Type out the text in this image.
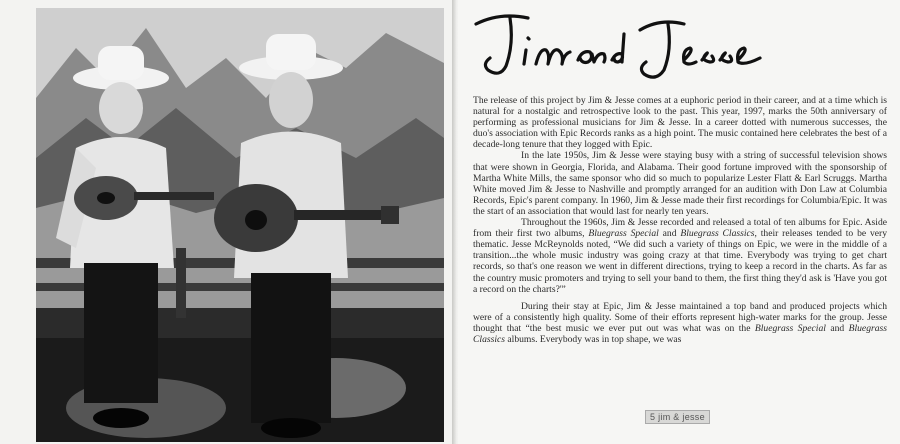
The release of this project by Jim & Jesse comes at a euphoric period in their career, and at a time which is natural for a nostalgic and retrospective look to the past. This year, 1997, marks the 50th anniversary of performing as professional musicians for Jim & Jesse. In a career dotted with numerous successes, the duo's association with Epic Records ranks as a high point. The music contained here celebrates the best of a decade-long tenure that they logged with Epic.

In the late 1950s, Jim & Jesse were staying busy with a string of successful television shows that were shown in Georgia, Florida, and Alabama. Their good fortune improved with the sponsorship of Martha White Mills, the same sponsor who did so much to popularize Lester Flatt & Earl Scruggs. Martha White moved Jim & Jesse to Nashville and promptly arranged for an audition with Don Law at Columbia Records, Epic's parent company. In 1960, Jim & Jesse made their first recordings for Columbia/Epic. It was the start of an association that would last for nearly ten years.

Throughout the 1960s, Jim & Jesse recorded and released a total of ten albums for Epic. Aside from their first two albums, Bluegrass Special and Bluegrass Classics, their releases tended to be very thematic. Jesse McReynolds noted, “We did such a variety of things on Epic, we were in the middle of a transition...the whole music industry was going crazy at that time. Everybody was trying to get chart records, so that's one reason we went in different directions, trying to keep a record in the charts. As far as the country music promoters and trying to sell your band to them, the first thing they'd ask is 'Have you got a record on the charts?'”

During their stay at Epic, Jim & Jesse maintained a top band and produced projects which were of a consistently high quality. Some of their efforts represent high-water marks for the group. Jesse thought that “the best music we ever put out was what was on the Bluegrass Special and Bluegrass Classics albums. Everybody was in top shape, we was

5 jim & jesse
